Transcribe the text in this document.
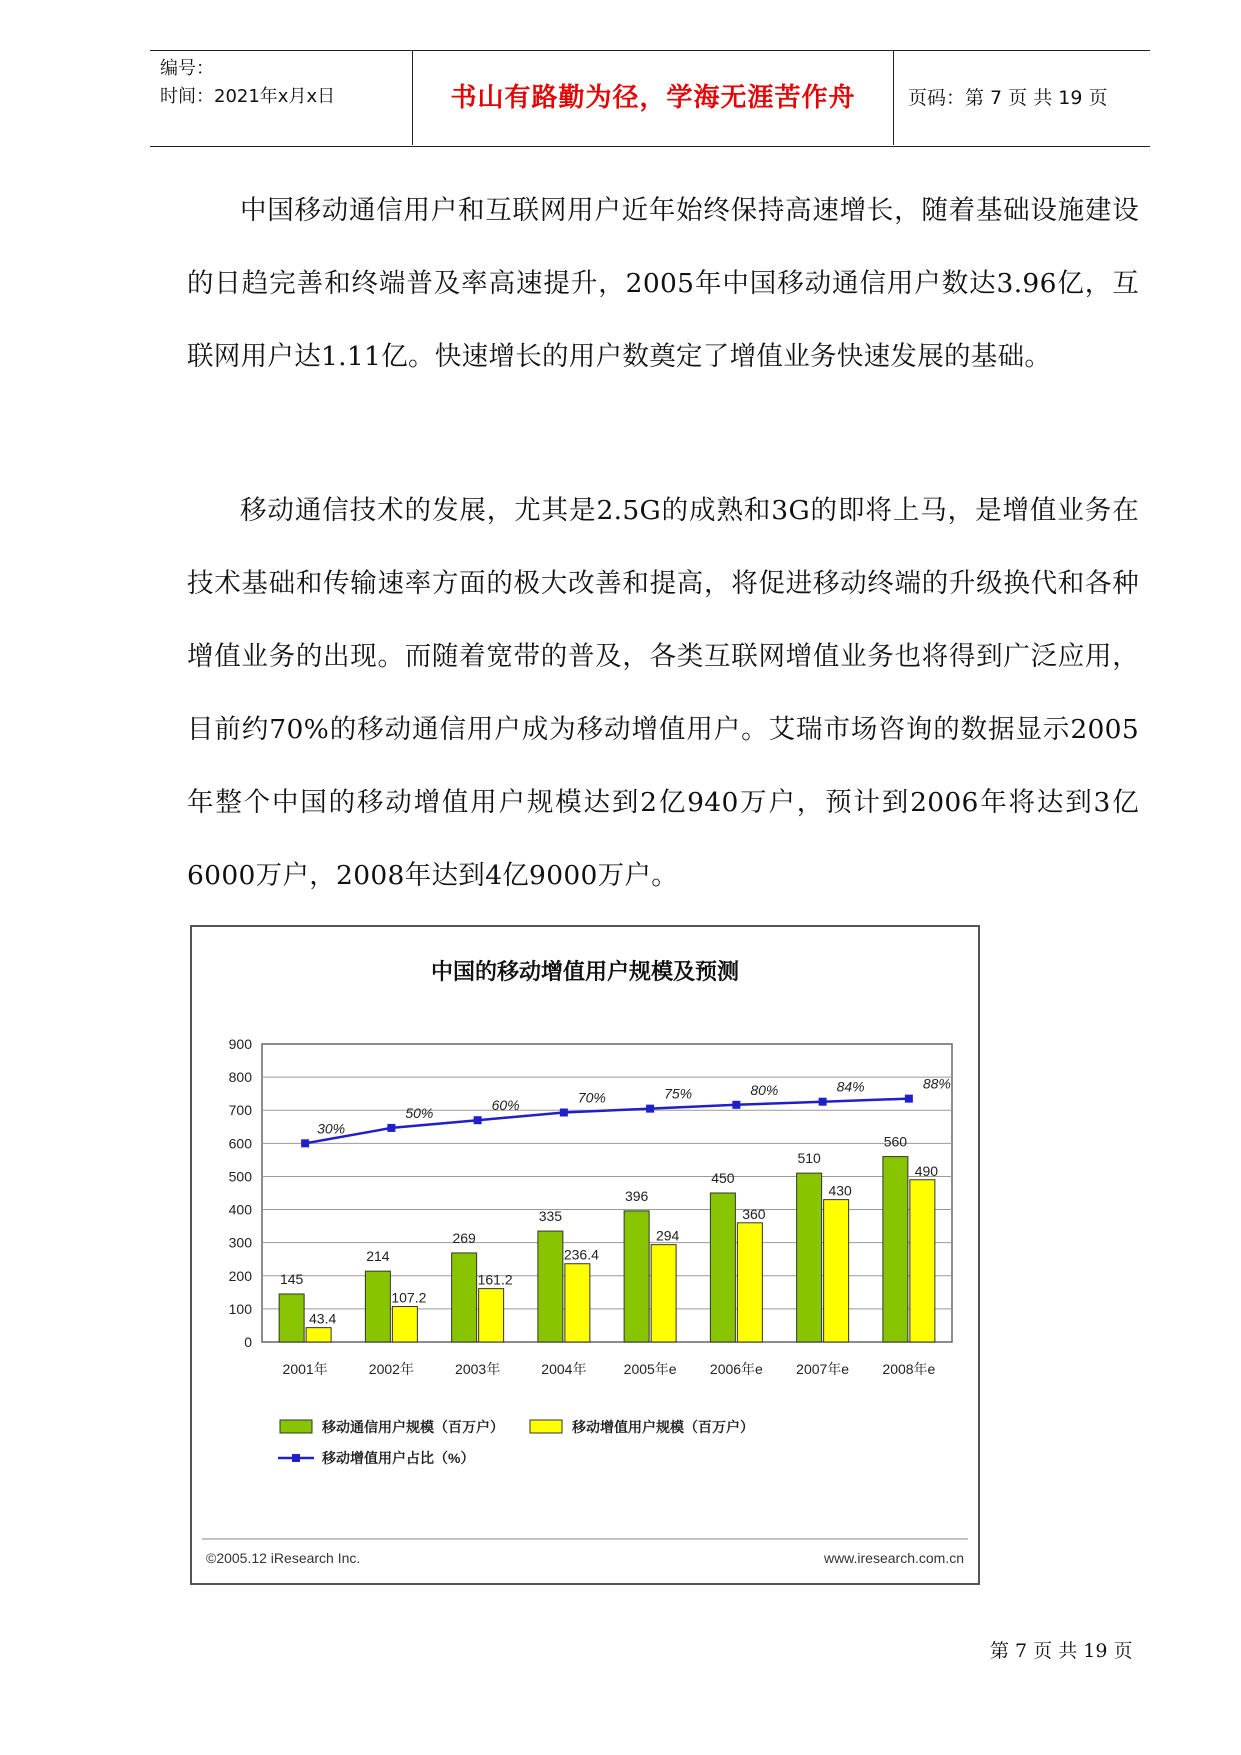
编号：
时间：2021年x月x日	书山有路勤为径，学海无涯苦作舟	页码：第 7 页 共 19 页
中国移动通信用户和互联网用户近年始终保持高速增长，随着基础设施建设的日趋完善和终端普及率高速提升，2005年中国移动通信用户数达3.96亿，互联网用户达1.11亿。快速增长的用户数奠定了增值业务快速发展的基础。
移动通信技术的发展，尤其是2.5G的成熟和3G的即将上马，是增值业务在技术基础和传输速率方面的极大改善和提高，将促进移动终端的升级换代和各种增值业务的出现。而随着宽带的普及，各类互联网增值业务也将得到广泛应用，目前约70%的移动通信用户成为移动增值用户。艾瑞市场咨询的数据显示2005年整个中国的移动增值用户规模达到2亿940万户，预计到2006年将达到3亿6000万户，2008年达到4亿9000万户。
中国的移动增值用户规模及预测
0
100
200
300
400
500
600
700
800
900
2001年	2002年	2003年	2004年	2005年e 2006年e 2007年e 2008年e
145
214
269
335
396
450
510
560
43.4
107.2
161.2
236.4
294
360
430
490
30%
50%	60%	70%	75%	80%	84%	88%
移动通信用户规模（百万户）	移动增值用户规模（百万户）
移动增值用户占比（%）
©2005.12 iResearch Inc.	www.iresearch.com.cn
第 7 页 共 19 页
